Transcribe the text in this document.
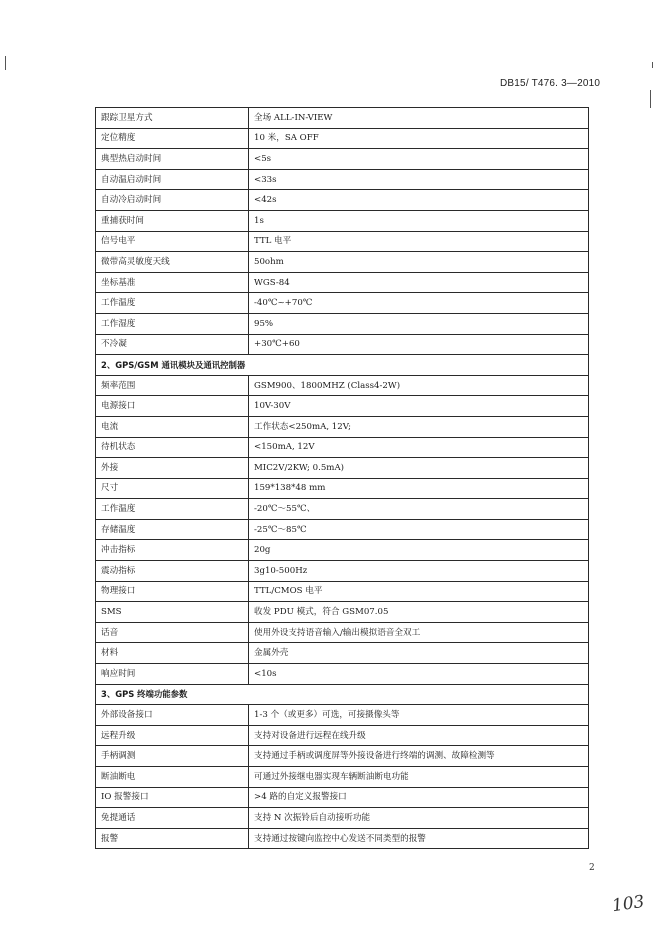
DB15/ T476. 3—2010
跟踪卫星方式	全场 ALL-IN-VIEW
定位精度	10 米，SA OFF
典型热启动时间	<5s
自动温启动时间	<33s
自动冷启动时间	<42s
重捕获时间	1s
信号电平	TTL 电平
微带高灵敏度天线	50ohm
坐标基准	WGS-84
工作温度	-40℃~+70℃
工作湿度	95%
不冷凝	+30℃+60
2、GPS/GSM 通讯模块及通讯控制器	
频率范围	GSM900、1800MHZ (Class4-2W)
电源接口	10V-30V
电流	工作状态<250mA, 12V;
待机状态	<150mA, 12V
外接	MIC2V/2KW; 0.5mA)
尺寸	159*138*48 mm
工作温度	-20℃～55℃、
存储温度	-25℃～85℃
冲击指标	20g
震动指标	3g10-500Hz
物理接口	TTL/CMOS 电平
SMS	收发 PDU 模式，符合 GSM07.05
话音	使用外设支持语音输入/输出模拟语音全双工
材料	金属外壳
响应时间	<10s
3、GPS 终端功能参数	
外部设备接口	1-3 个（或更多）可选，可接摄像头等
远程升级	支持对设备进行远程在线升级
手柄调测	支持通过手柄或调度屏等外接设备进行终端的调测、故障检测等
断油断电	可通过外接继电器实现车辆断油断电功能
IO 报警接口	>4 路的自定义报警接口
免提通话	支持 N 次振铃后自动接听功能
报警	支持通过按键向监控中心发送不同类型的报警
2
103
